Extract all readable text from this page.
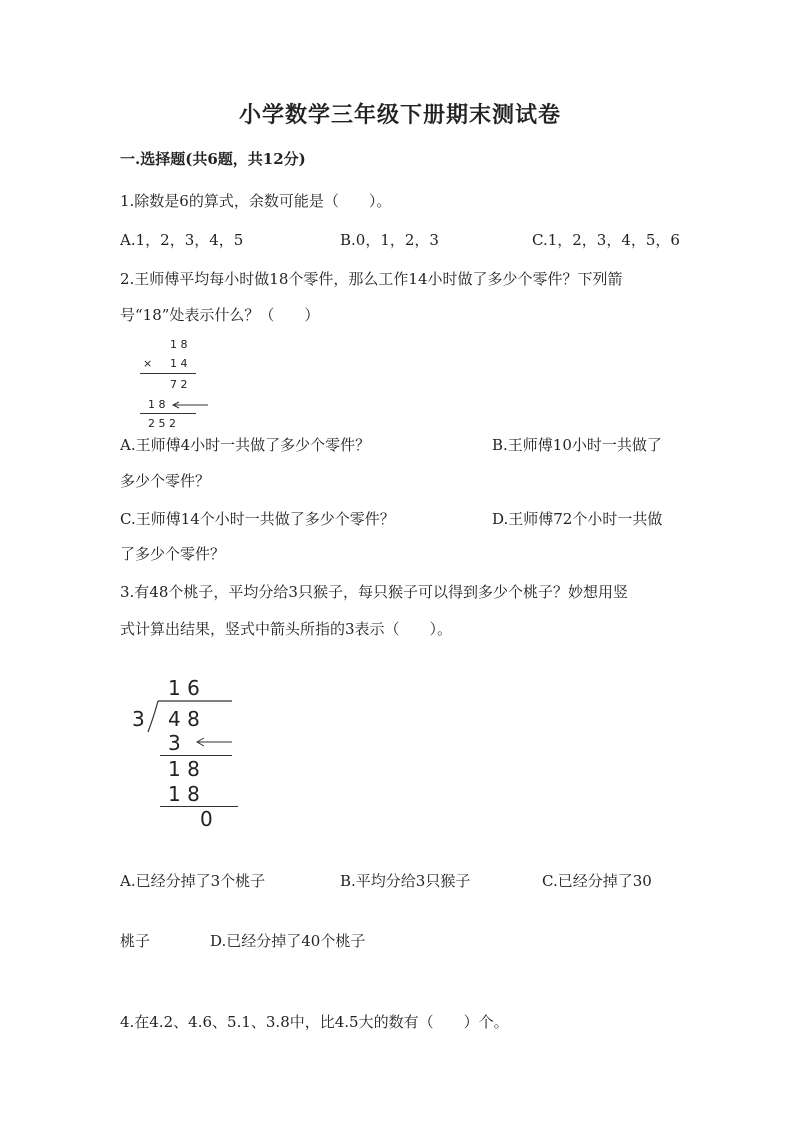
小学数学三年级下册期末测试卷
一.选择题(共6题，共12分)
1.除数是6的算式，余数可能是（　　）。
A.1，2，3，4，5	B.0，1，2，3	C.1，2，3，4，5，6
2.王师傅平均每小时做18个零件，那么工作14小时做了多少个零件？下列箭
号“18”处表示什么？（　　）
1 8
× 1 4
7 2
1 8
2 5 2
A.王师傅4小时一共做了多少个零件？	B.王师傅10小时一共做了
多少个零件？
C.王师傅14个小时一共做了多少个零件？	D.王师傅72个小时一共做
了多少个零件？
3.有48个桃子，平均分给3只猴子，每只猴子可以得到多少个桃子？妙想用竖
式计算出结果，竖式中箭头所指的3表示（　　）。
1 6
3 4 8
3
1 8
1 8
0
A.已经分掉了3个桃子	B.平均分给3只猴子	C.已经分掉了30
桃子	D.已经分掉了40个桃子
4.在4.2、4.6、5.1、3.8中，比4.5大的数有（　　）个。
